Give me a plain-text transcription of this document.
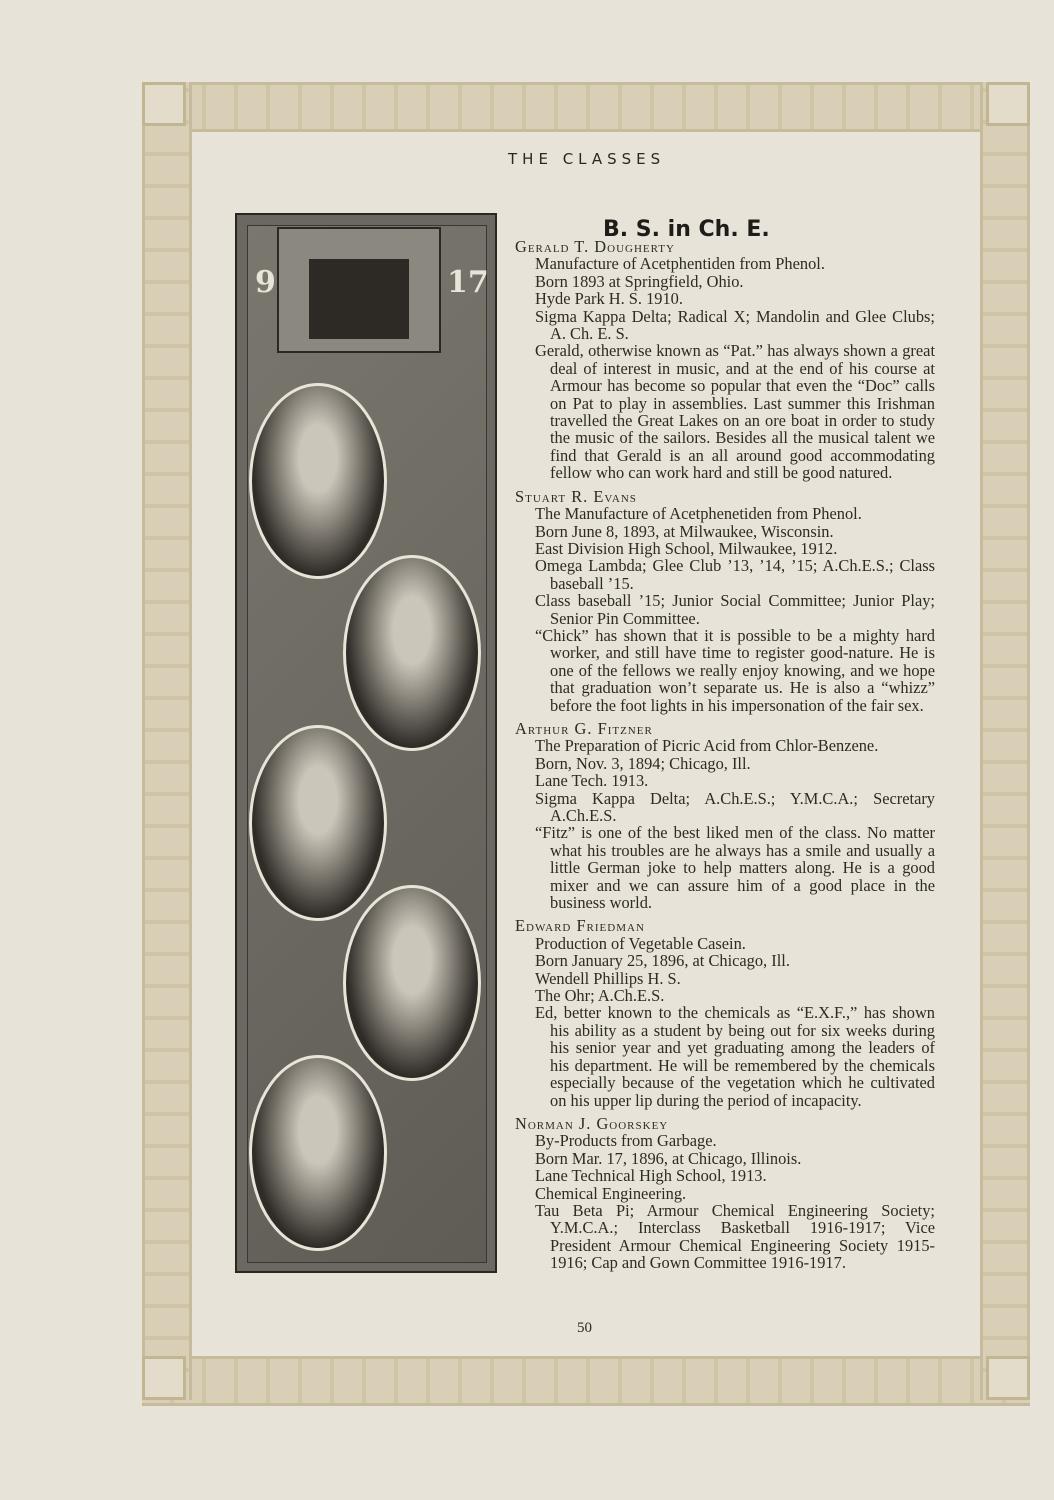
THE CLASSES
9	17
B. S. in Ch. E.
Gerald T. Dougherty
Manufacture of Acetphentiden from Phenol.
Born 1893 at Springfield, Ohio.
Hyde Park H. S. 1910.
Sigma Kappa Delta; Radical X; Mandolin and Glee Clubs; A. Ch. E. S.
Gerald, otherwise known as “Pat.” has always shown a great deal of interest in music, and at the end of his course at Armour has become so popular that even the “Doc” calls on Pat to play in assemblies. Last summer this Irishman travelled the Great Lakes on an ore boat in order to study the music of the sailors. Besides all the musical talent we find that Gerald is an all around good accommodating fellow who can work hard and still be good natured.
Stuart R. Evans
The Manufacture of Acetphenetiden from Phenol.
Born June 8, 1893, at Milwaukee, Wisconsin.
East Division High School, Milwaukee, 1912.
Omega Lambda; Glee Club ’13, ’14, ’15; A.Ch.E.S.; Class baseball ’15.
Class baseball ’15; Junior Social Committee; Junior Play; Senior Pin Committee.
“Chick” has shown that it is possible to be a mighty hard worker, and still have time to register good-nature. He is one of the fellows we really enjoy knowing, and we hope that graduation won’t separate us. He is also a “whizz” before the foot lights in his impersonation of the fair sex.
Arthur G. Fitzner
The Preparation of Picric Acid from Chlor-Benzene.
Born, Nov. 3, 1894; Chicago, Ill.
Lane Tech. 1913.
Sigma Kappa Delta; A.Ch.E.S.; Y.M.C.A.; Secretary A.Ch.E.S.
“Fitz” is one of the best liked men of the class. No matter what his troubles are he always has a smile and usually a little German joke to help matters along. He is a good mixer and we can assure him of a good place in the business world.
Edward Friedman
Production of Vegetable Casein.
Born January 25, 1896, at Chicago, Ill.
Wendell Phillips H. S.
The Ohr; A.Ch.E.S.
Ed, better known to the chemicals as “E.X.F.,” has shown his ability as a student by being out for six weeks during his senior year and yet graduating among the leaders of his department. He will be remembered by the chemicals especially because of the vegetation which he cultivated on his upper lip during the period of incapacity.
Norman J. Goorskey
By-Products from Garbage.
Born Mar. 17, 1896, at Chicago, Illinois.
Lane Technical High School, 1913.
Chemical Engineering.
Tau Beta Pi; Armour Chemical Engineering Society; Y.M.C.A.; Interclass Basketball 1916-1917; Vice President Armour Chemical Engineering Society 1915-1916; Cap and Gown Committee 1916-1917.
50
